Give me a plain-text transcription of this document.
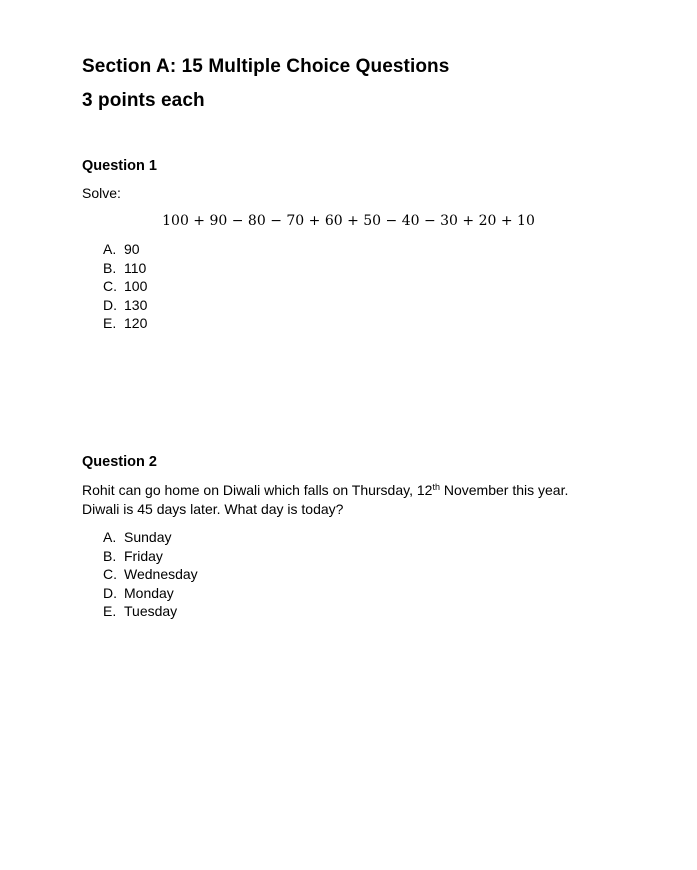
Section A: 15 Multiple Choice Questions
3 points each

Question 1

Solve:

100 + 90 − 80 − 70 + 60 + 50 − 40 − 30 + 20 + 10

A. 90
B. 110
C. 100
D. 130
E. 120

Question 2

Rohit can go home on Diwali which falls on Thursday, 12th November this year.

Diwali is 45 days later. What day is today?

A. Sunday
B. Friday
C. Wednesday
D. Monday
E. Tuesday
